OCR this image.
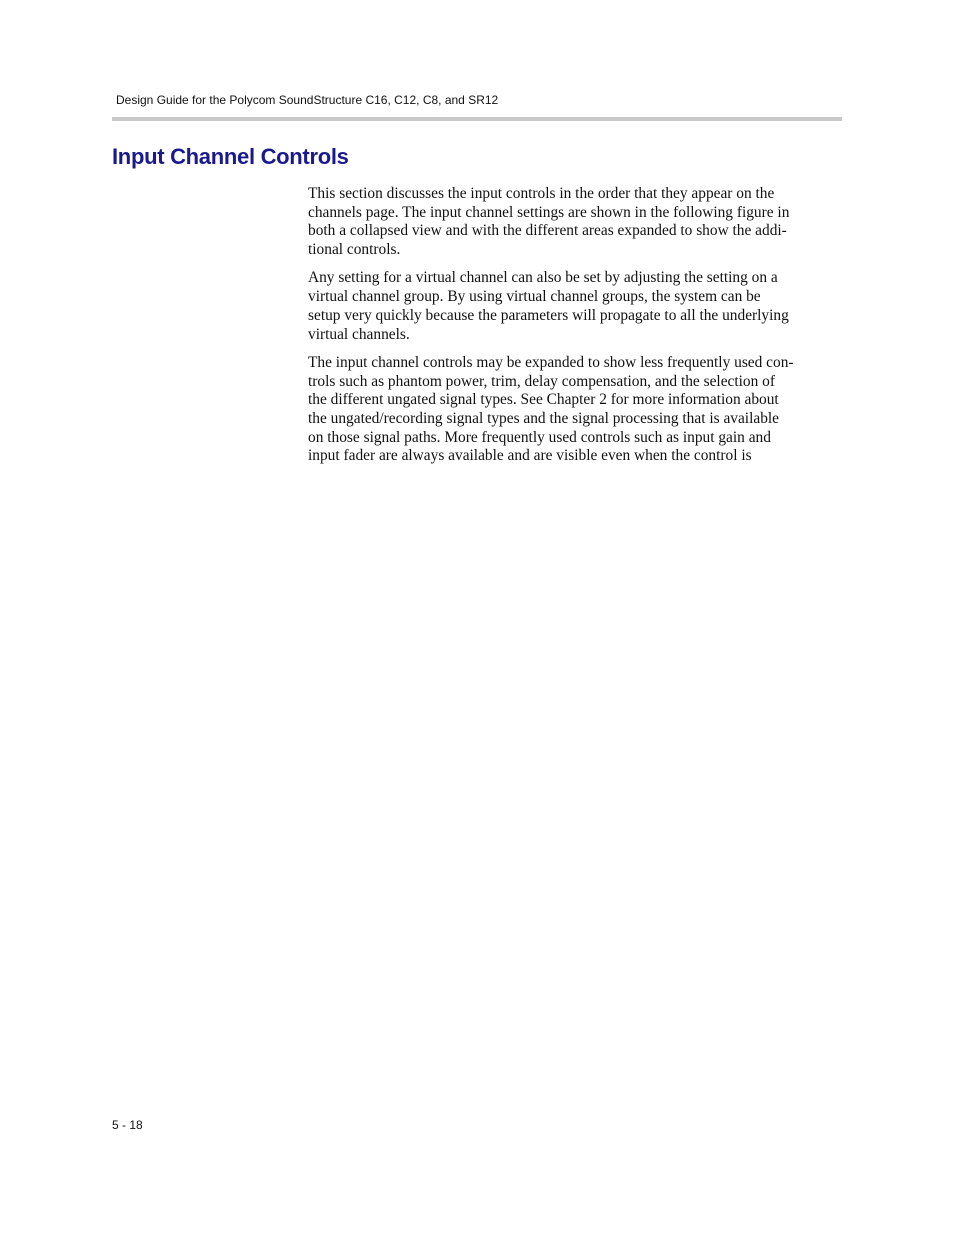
Design Guide for the Polycom SoundStructure C16, C12, C8, and SR12
Input Channel Controls

This section discusses the input controls in the order that they appear on the
channels page. The input channel settings are shown in the following figure in
both a collapsed view and with the different areas expanded to show the addi-
tional controls.

Any setting for a virtual channel can also be set by adjusting the setting on a
virtual channel group. By using virtual channel groups, the system can be
setup very quickly because the parameters will propagate to all the underlying
virtual channels.

The input channel controls may be expanded to show less frequently used con-
trols such as phantom power, trim, delay compensation, and the selection of
the different ungated signal types. See Chapter 2 for more information about
the ungated/recording signal types and the signal processing that is available
on those signal paths. More frequently used controls such as input gain and
input fader are always available and are visible even when the control is

5 - 18
